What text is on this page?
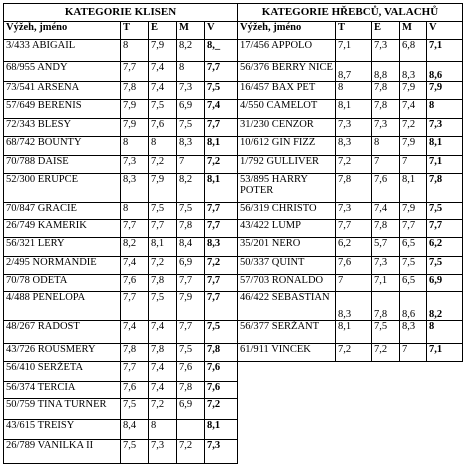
KATEGORIE KLISEN					KATEGORIE HŘEBCŮ, VALACHŮ				
Výžeh, jméno	T	E	M	V	Výžeh, jméno	T	E	M	V
3/433 ABIGAIL	8	7,9	8,2	8,_	17/456 APPOLO	7,1	7,3	6,8	7,1
68/955 ANDY	7,7	7,4	8	7,7	56/376 BERRY NICE	8,7	8,8	8,3	8,6
73/541 ARSENA	7,8	7,4	7,3	7,5	16/457 BAX PET	8	7,8	7,9	7,9
57/649 BERENIS	7,9	7,5	6,9	7,4	4/550 CAMELOT	8,1	7,8	7,4	8
72/343 BLESY	7,9	7,6	7,5	7,7	31/230 CENZOR	7,3	7,3	7,2	7,3
68/742 BOUNTY	8	8	8,3	8,1	10/612 GIN FIZZ	8,3	8	7,9	8,1
70/788 DAISE	7,3	7,2	7	7,2	1/792 GULLIVER	7,2	7	7	7,1
52/300 ERUPCE	8,3	7,9	8,2	8,1	53/895 HARRY POTER	7,8	7,6	8,1	7,8
70/847 GRACIE	8	7,5	7,5	7,7	56/319 CHRISTO	7,3	7,4	7,9	7,5
26/749 KAMERIK	7,7	7,7	7,8	7,7	43/422 LUMP	7,7	7,8	7,7	7,7
56/321 LERY	8,2	8,1	8,4	8,3	35/201 NERO	6,2	5,7	6,5	6,2
2/495 NORMANDIE	7,4	7,2	6,9	7,2	50/337 QUINT	7,6	7,3	7,5	7,5
70/78 ODETA	7,6	7,8	7,7	7,7	57/703 RONALDO	7	7,1	6,5	6,9
4/488 PENELOPA	7,7	7,5	7,9	7,7	46/422 SEBASTIAN	8,3	7,8	8,6	8,2
48/267 RADOST	7,4	7,4	7,7	7,5	56/377 SERŽANT	8,1	7,5	8,3	8
43/726 ROUSMERY	7,8	7,8	7,5	7,8	61/911 VINCEK	7,2	7,2	7	7,1
56/410 SERŽETA	7,7	7,4	7,6	7,6					
56/374 TERCIA	7,6	7,4	7,8	7,6					
50/759 TINA TURNER	7,5	7,2	6,9	7,2					
43/615 TREISY	8,4	8		8,1					
26/789 VANILKA II	7,5	7,3	7,2	7,3					
